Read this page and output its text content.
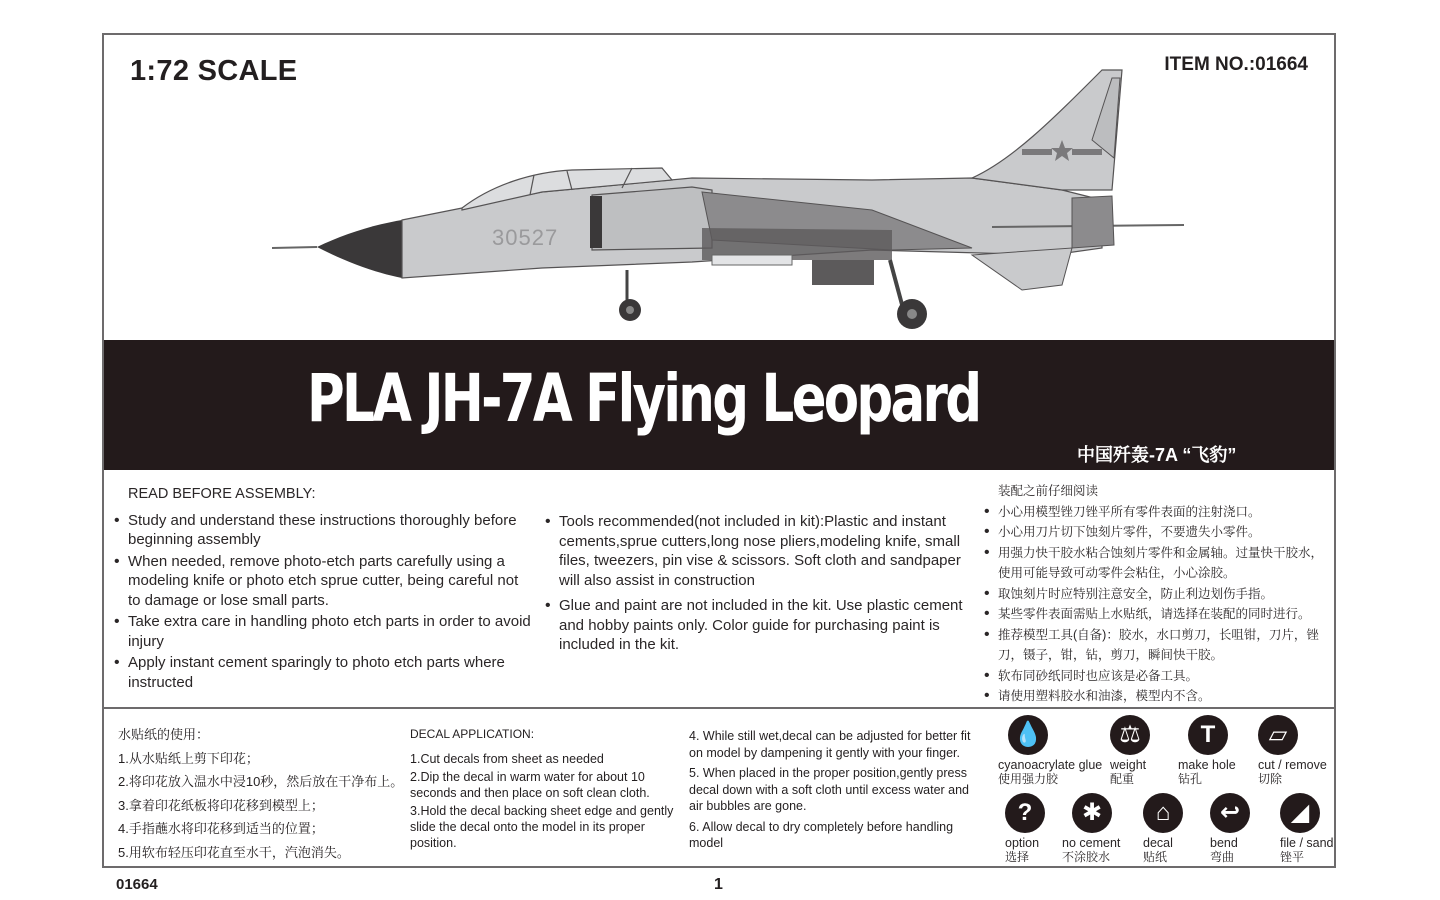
1:72 SCALE	ITEM NO.:01664
30527
PLA JH-7A Flying Leopard
中国歼轰-7A “飞豹”
READ BEFORE ASSEMBLY:
• Study and understand these instructions thoroughly before beginning assembly
• When needed, remove photo-etch parts carefully using a modeling knife or photo etch sprue cutter, being careful not to damage or lose small parts.
• Take extra care in handling photo etch parts in order to avoid injury
• Apply instant cement sparingly to photo etch parts where instructed
• Tools recommended(not included in kit):Plastic and instant cements,sprue cutters,long nose pliers,modeling knife, small files, tweezers, pin vise & scissors. Soft cloth and sandpaper will also assist in construction
• Glue and paint are not included in the kit. Use plastic cement and hobby paints only. Color guide for purchasing paint is included in the kit.
装配之前仔细阅读
• 小心用模型锉刀锉平所有零件表面的注射浇口。
• 小心用刀片切下蚀刻片零件，不要遗失小零件。
• 用强力快干胶水粘合蚀刻片零件和金属轴。过量快干胶水，使用可能导致可动零件会粘住，小心涂胶。
• 取蚀刻片时应特别注意安全，防止利边划伤手指。
• 某些零件表面需贴上水贴纸，请选择在装配的同时进行。
• 推荐模型工具(自备)：胶水，水口剪刀，长咀钳，刀片，锉刀，镊子，钳，钻，剪刀，瞬间快干胶。
• 软布同砂纸同时也应该是必备工具。
• 请使用塑料胶水和油漆，模型内不含。
水贴纸的使用：
1.从水贴纸上剪下印花；
2.将印花放入温水中浸10秒，然后放在干净布上。
3.拿着印花纸板将印花移到模型上；
4.手指蘸水将印花移到适当的位置；
5.用软布轻压印花直至水干，汽泡消失。
DECAL APPLICATION:
1.Cut decals from sheet as needed
2.Dip the decal in warm water for about 10 seconds and then place on soft clean cloth.
3.Hold the decal backing sheet edge and gently slide the decal onto the model in its proper position.
4. While still wet,decal can be adjusted for better fit on model by dampening it gently with your finger.
5. When placed in the proper position,gently press decal down with a soft cloth until excess water and air bubbles are gone.
6. Allow decal to dry completely before handling model
💧
cyanoacrylate glue
使用强力胶
⚖
weight
配重
T
make hole
钻孔
▱
cut / remove
切除
?
option
选择
✱
no cement
不涂胶水
⌂
decal
贴纸
↩
bend
弯曲
◢
file / sand
锉平
01664	1
